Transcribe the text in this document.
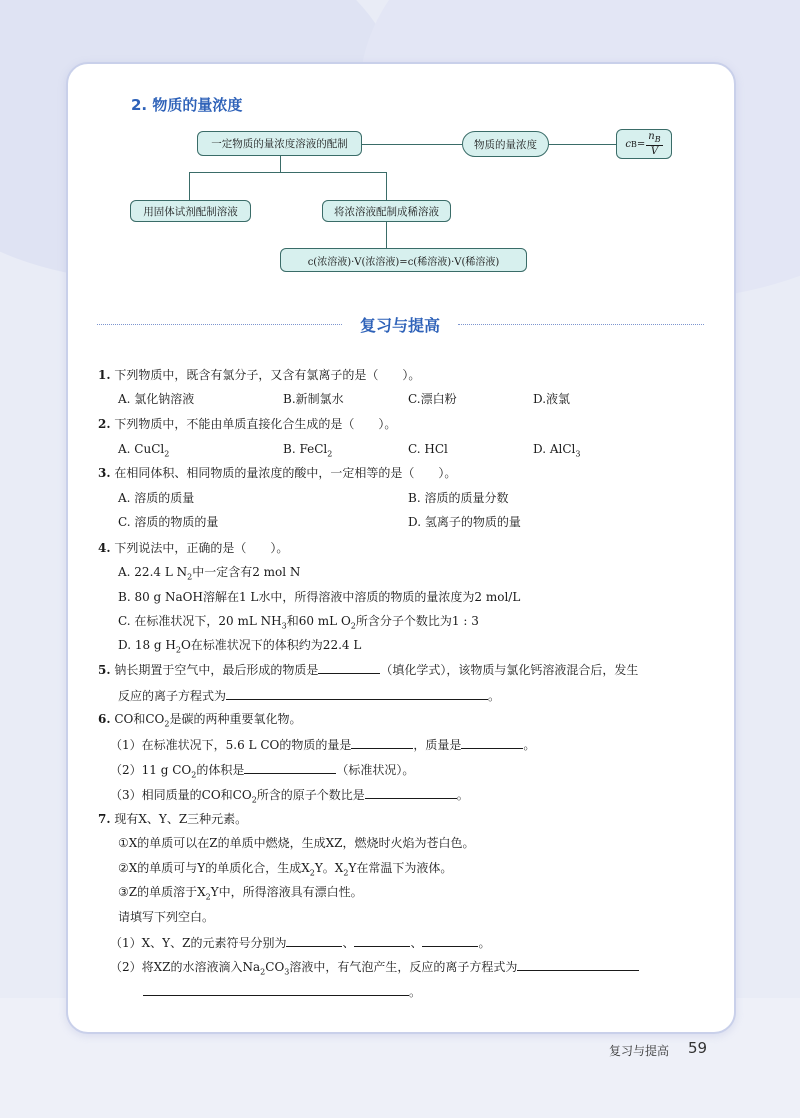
2. 物质的量浓度
一定物质的量浓度溶液的配制	物质的量浓度	c $B = \frac{n_B}{V}$
用固体试剂配制溶液	将浓溶液配制成稀溶液
c(浓溶液)·V(浓溶液)=c(稀溶液)·V(稀溶液)
复习与提高
1. 下列物质中，既含有氯分子，又含有氯离子的是（　　）。
A. 氯化钠溶液	B.新制氯水	C.漂白粉	D.液氯
2. 下列物质中，不能由单质直接化合生成的是（　　）。
A. CuCl$_2$	B. FeCl$_2$	C. HCl	D. AlCl$_3$
3. 在相同体积、相同物质的量浓度的酸中，一定相等的是（　　）。
A. 溶质的质量	B. 溶质的质量分数
C. 溶质的物质的量	D. 氢离子的物质的量
4. 下列说法中，正确的是（　　）。
A. 22.4 L $N_2$中一定含有2 mol N
B. 80 g NaOH溶解在1 L水中，所得溶液中溶质的物质的量浓度为2 mol/L
C. 在标准状况下，20 mL $NH_3$和60 mL $O_2$所含分子个数比为1 : 3
D. 18 g $H_2O$在标准状况下的体积约为22.4 L
5. 钠长期置于空气中，最后形成的物质是	（填化学式），该物质与氯化钙溶液混合后，发生
反应的离子方程式为	。
6. CO和$CO_2$是碳的两种重要氧化物。
（1）在标准状况下，5.6 L CO的物质的量是	，质量是	。
（2）11 g $CO_2$的体积是	（标准状况）。
（3）相同质量的CO和$CO_2$所含的原子个数比是	。
7. 现有X、Y、Z三种元素。
①X的单质可以在Z的单质中燃烧，生成XZ，燃烧时火焰为苍白色。
②X的单质可与Y的单质化合，生成$X_2Y$。$X_2Y$在常温下为液体。
③Z的单质溶于$X_2Y$中，所得溶液具有漂白性。
请填写下列空白。
（1）X、Y、Z的元素符号分别为	、	、	。
（2）将XZ的水溶液滴入$Na_2CO_3$溶液中，有气泡产生，反应的离子方程式为
。
复习与提高 59
